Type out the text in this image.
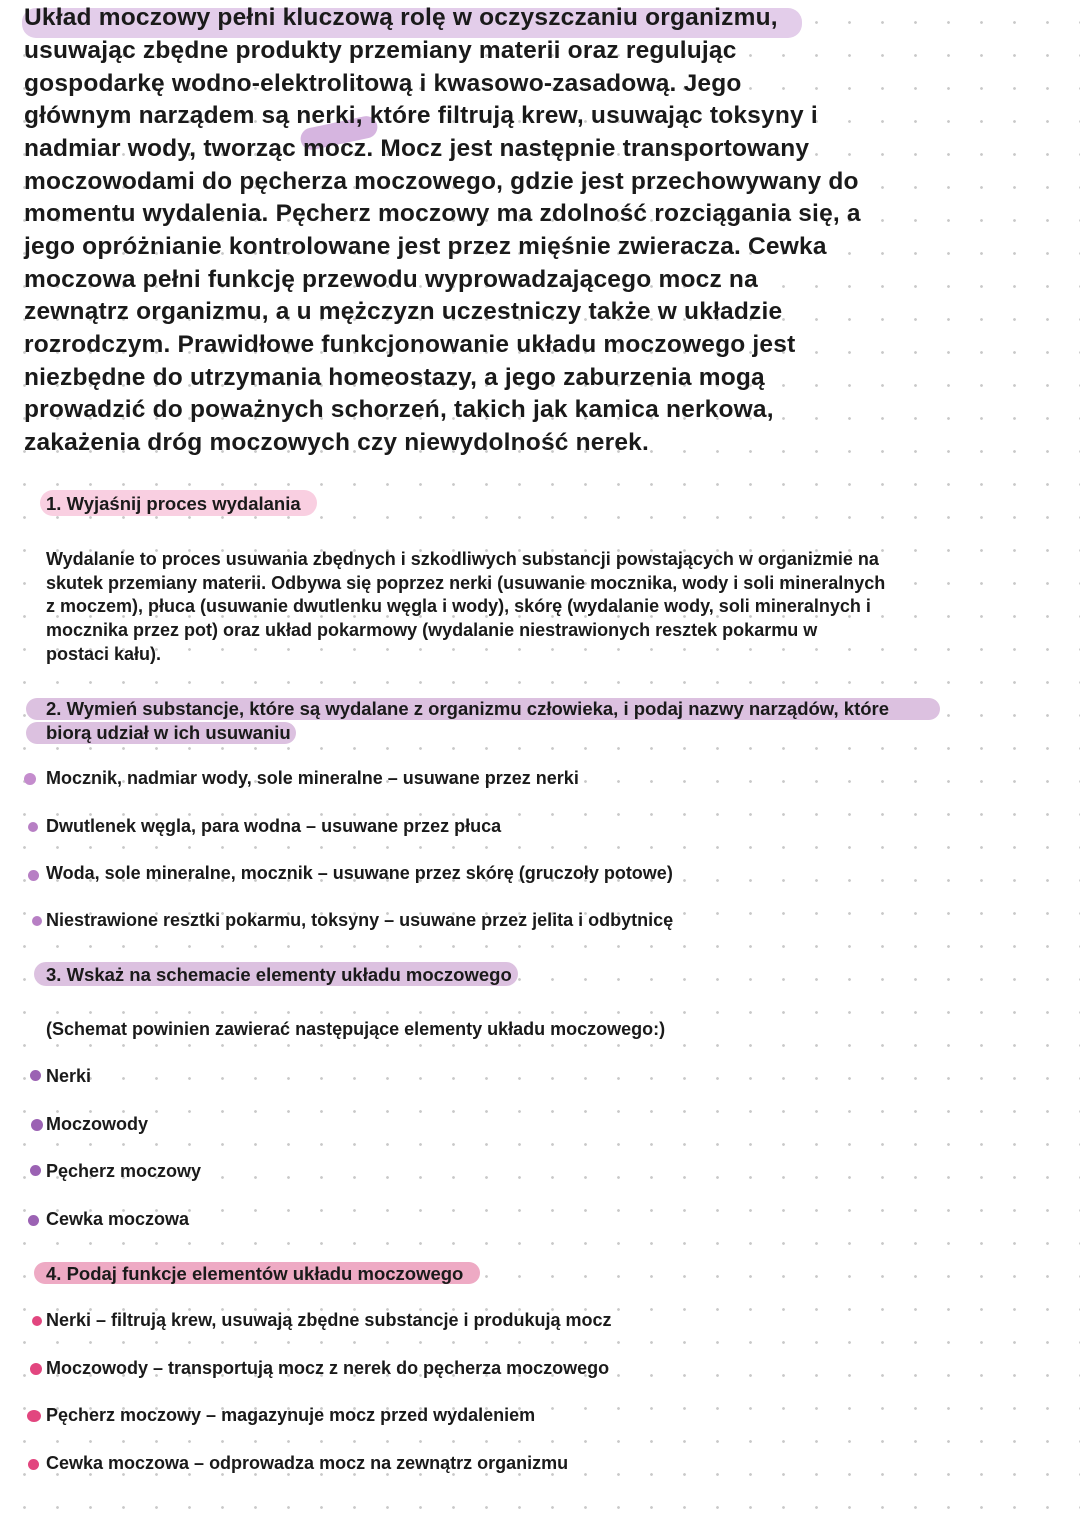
Układ moczowy pełni kluczową rolę w oczyszczaniu organizmu,
usuwając zbędne produkty przemiany materii oraz regulując
gospodarkę wodno-elektrolitową i kwasowo-zasadową. Jego
głównym narządem są nerki, które filtrują krew, usuwając toksyny i
nadmiar wody, tworząc mocz. Mocz jest następnie transportowany
moczowodami do pęcherza moczowego, gdzie jest przechowywany do
momentu wydalenia. Pęcherz moczowy ma zdolność rozciągania się, a
jego opróżnianie kontrolowane jest przez mięśnie zwieracza. Cewka
moczowa pełni funkcję przewodu wyprowadzającego mocz na
zewnątrz organizmu, a u mężczyzn uczestniczy także w układzie
rozrodczym. Prawidłowe funkcjonowanie układu moczowego jest
niezbędne do utrzymania homeostazy, a jego zaburzenia mogą
prowadzić do poważnych schorzeń, takich jak kamica nerkowa,
zakażenia dróg moczowych czy niewydolność nerek.
1. Wyjaśnij proces wydalania
Wydalanie to proces usuwania zbędnych i szkodliwych substancji powstających w organizmie na
skutek przemiany materii. Odbywa się poprzez nerki (usuwanie mocznika, wody i soli mineralnych
z moczem), płuca (usuwanie dwutlenku węgla i wody), skórę (wydalanie wody, soli mineralnych i
mocznika przez pot) oraz układ pokarmowy (wydalanie niestrawionych resztek pokarmu w
postaci kału).
2. Wymień substancje, które są wydalane z organizmu człowieka, i podaj nazwy narządów, które
biorą udział w ich usuwaniu
Mocznik, nadmiar wody, sole mineralne – usuwane przez nerki
Dwutlenek węgla, para wodna – usuwane przez płuca
Woda, sole mineralne, mocznik – usuwane przez skórę (gruczoły potowe)
Niestrawione resztki pokarmu, toksyny – usuwane przez jelita i odbytnicę
3. Wskaż na schemacie elementy układu moczowego
(Schemat powinien zawierać następujące elementy układu moczowego:)
Nerki
Moczowody
Pęcherz moczowy
Cewka moczowa
4. Podaj funkcje elementów układu moczowego
Nerki – filtrują krew, usuwają zbędne substancje i produkują mocz
Moczowody – transportują mocz z nerek do pęcherza moczowego
Pęcherz moczowy – magazynuje mocz przed wydaleniem
Cewka moczowa – odprowadza mocz na zewnątrz organizmu
